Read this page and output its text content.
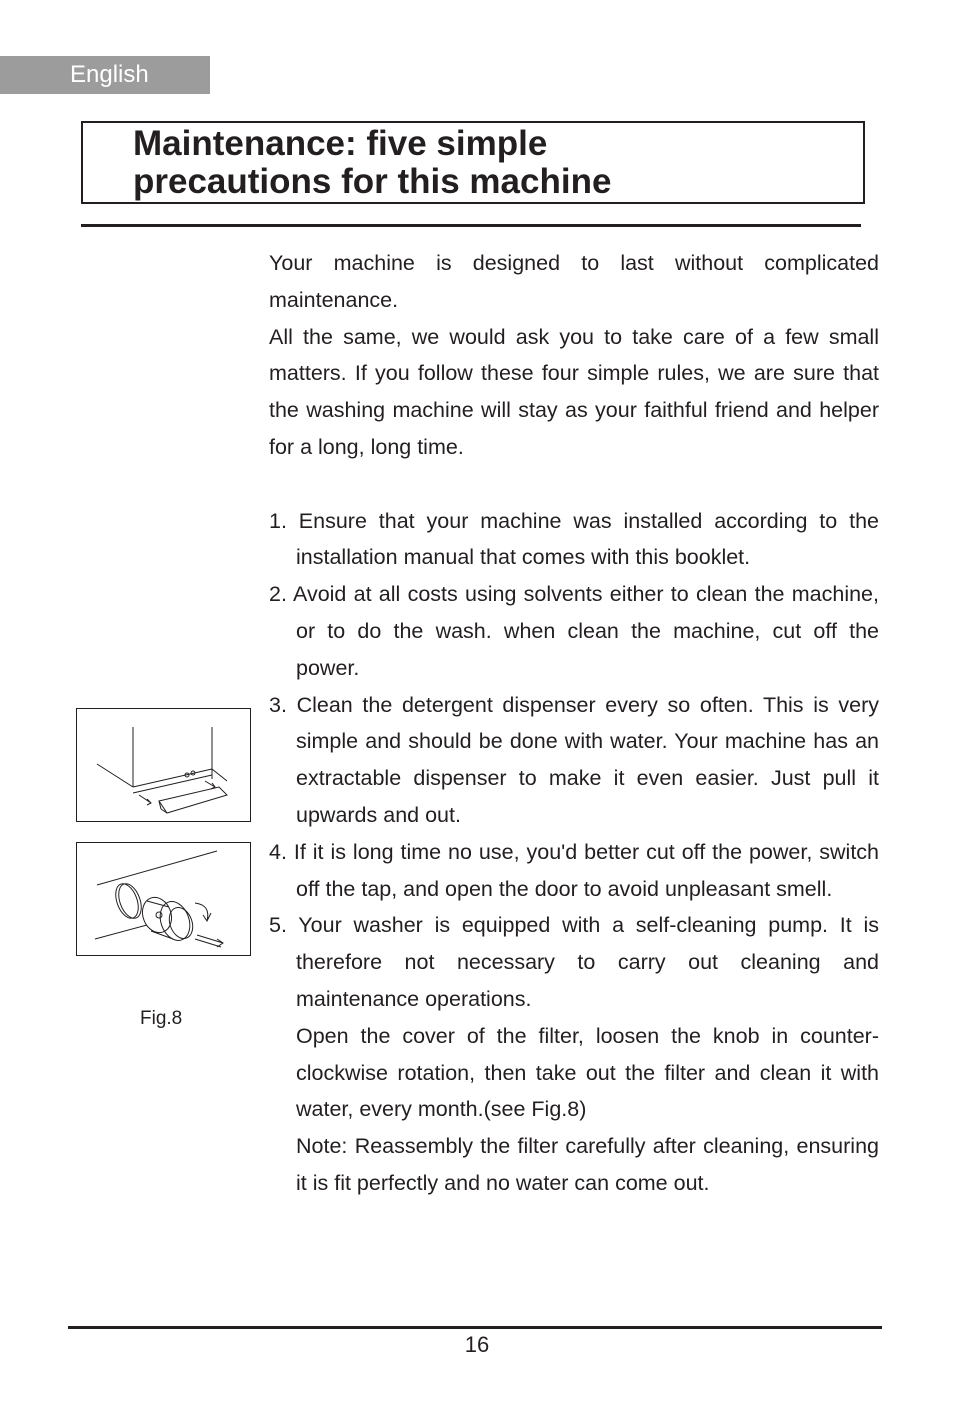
English
Maintenance: five simple
precautions for this machine

Your machine is designed to last without complicated maintenance.

All the same, we would ask you to take care of a few small matters. If you follow these four simple rules, we are sure that the washing machine will stay as your faithful friend and helper for a long, long time.

1. Ensure that your machine was installed according to the installation manual that comes with this booklet.

2. Avoid at all costs using solvents either to clean the machine, or to do the wash. when clean the machine, cut off the power.

3. Clean the detergent dispenser every so often. This is very simple and should be done with water. Your machine has an extractable dispenser to make it even easier. Just pull it upwards and out.

4. If it is long time no use, you'd better cut off the power, switch off the tap, and open the door to avoid unpleasant smell.

5. Your washer is equipped with a self-cleaning pump. It is therefore not necessary to carry out cleaning and maintenance operations.

Open the cover of the filter, loosen the knob in counter-clockwise rotation, then take out the filter and clean it with water, every month.(see Fig.8)

Note: Reassembly the filter carefully after cleaning, ensuring it is fit perfectly and no water can come out.

Fig.8
16
